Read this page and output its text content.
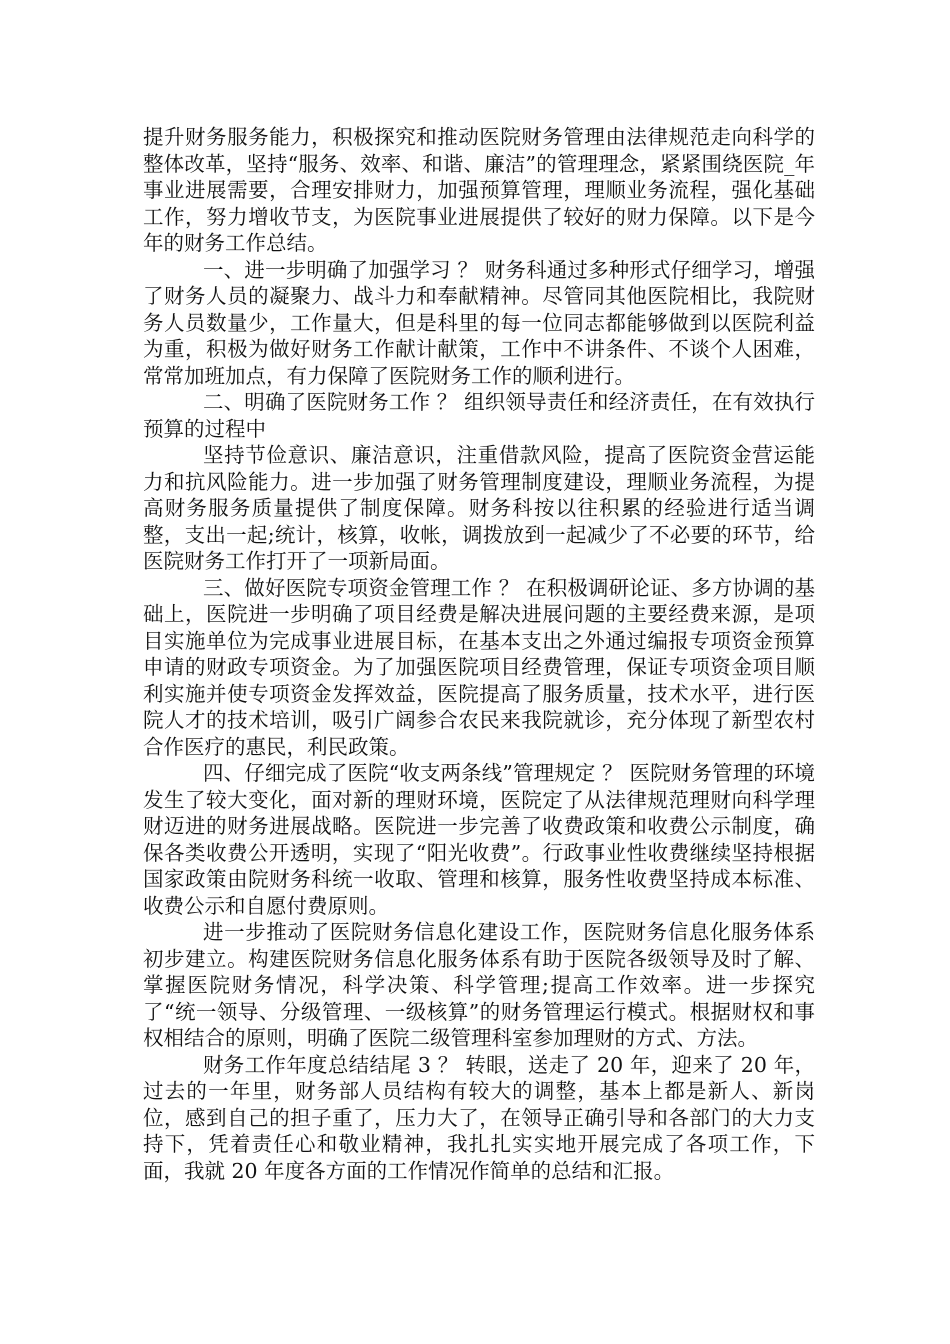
提升财务服务能力，积极探究和推动医院财务管理由法律规范走向科学的整体改革，坚持“服务、效率、和谐、廉洁”的管理理念，紧紧围绕医院_年事业进展需要，合理安排财力，加强预算管理，理顺业务流程，强化基础工作，努力增收节支，为医院事业进展提供了较好的财力保障。以下是今年的财务工作总结。

一、进一步明确了加强学习 ？ 财务科通过多种形式仔细学习，增强了财务人员的凝聚力、战斗力和奉献精神。尽管同其他医院相比，我院财务人员数量少，工作量大，但是科里的每一位同志都能够做到以医院利益为重，积极为做好财务工作献计献策，工作中不讲条件、不谈个人困难，常常加班加点，有力保障了医院财务工作的顺利进行。

二、明确了医院财务工作 ？ 组织领导责任和经济责任，在有效执行预算的过程中

坚持节俭意识、廉洁意识，注重借款风险，提高了医院资金营运能力和抗风险能力。进一步加强了财务管理制度建设，理顺业务流程，为提高财务服务质量提供了制度保障。财务科按以往积累的经验进行适当调整，支出一起;统计，核算，收帐，调拨放到一起减少了不必要的环节，给医院财务工作打开了一项新局面。

三、做好医院专项资金管理工作 ？ 在积极调研论证、多方协调的基础上，医院进一步明确了项目经费是解决进展问题的主要经费来源，是项目实施单位为完成事业进展目标，在基本支出之外通过编报专项资金预算申请的财政专项资金。为了加强医院项目经费管理，保证专项资金项目顺利实施并使专项资金发挥效益，医院提高了服务质量，技术水平，进行医院人才的技术培训，吸引广阔参合农民来我院就诊，充分体现了新型农村合作医疗的惠民，利民政策。

四、仔细完成了医院“收支两条线”管理规定 ？ 医院财务管理的环境发生了较大变化，面对新的理财环境，医院定了从法律规范理财向科学理财迈进的财务进展战略。医院进一步完善了收费政策和收费公示制度，确保各类收费公开透明，实现了“阳光收费”。行政事业性收费继续坚持根据国家政策由院财务科统一收取、管理和核算，服务性收费坚持成本标准、收费公示和自愿付费原则。

进一步推动了医院财务信息化建设工作，医院财务信息化服务体系初步建立。构建医院财务信息化服务体系有助于医院各级领导及时了解、掌握医院财务情况，科学决策、科学管理;提高工作效率。进一步探究了“统一领导、分级管理、一级核算”的财务管理运行模式。根据财权和事权相结合的原则，明确了医院二级管理科室参加理财的方式、方法。

财务工作年度总结结尾 3 ？ 转眼，送走了 20 年，迎来了 20 年，过去的一年里，财务部人员结构有较大的调整，基本上都是新人、新岗位，感到自己的担子重了，压力大了，在领导正确引导和各部门的大力支持下，凭着责任心和敬业精神，我扎扎实实地开展完成了各项工作，下面，我就 20 年度各方面的工作情况作简单的总结和汇报。
